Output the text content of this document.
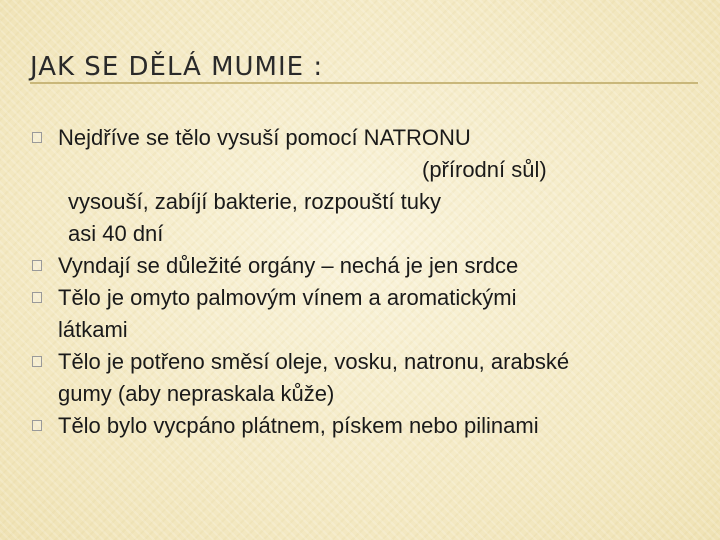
JAK SE DĚLÁ MUMIE :
Nejdříve se tělo vysuší pomocí NATRONU
(přírodní sůl)
vysouší, zabíjí bakterie, rozpouští tuky
asi 40 dní
Vyndají se důležité orgány – nechá je jen srdce
Tělo je omyto palmovým vínem a aromatickými
látkami
Tělo je potřeno směsí oleje, vosku, natronu, arabské
gumy (aby nepraskala kůže)
Tělo bylo vycpáno plátnem, pískem nebo pilinami
